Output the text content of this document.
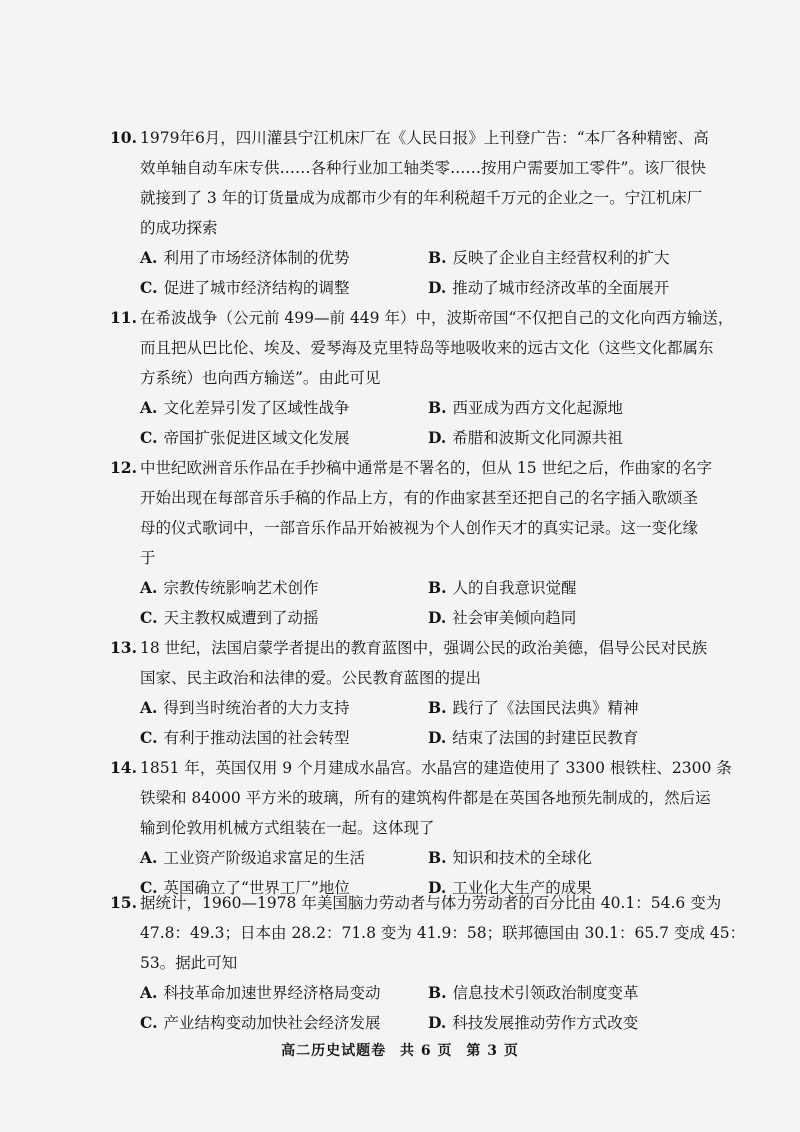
10. 1979年6月，四川灌县宁江机床厂在《人民日报》上刊登广告：“本厂各种精密、高
效单轴自动车床专供……各种行业加工轴类零……按用户需要加工零件”。该厂很快
就接到了 3 年的订货量成为成都市少有的年利税超千万元的企业之一。宁江机床厂
的成功探索
A. 利用了市场经济体制的优势	B. 反映了企业自主经营权利的扩大
C. 促进了城市经济结构的调整	D. 推动了城市经济改革的全面展开
11. 在希波战争（公元前 499—前 449 年）中，波斯帝国“不仅把自己的文化向西方输送，
而且把从巴比伦、埃及、爱琴海及克里特岛等地吸收来的远古文化（这些文化都属东
方系统）也向西方输送”。由此可见
A. 文化差异引发了区域性战争	B. 西亚成为西方文化起源地
C. 帝国扩张促进区域文化发展	D. 希腊和波斯文化同源共祖
12. 中世纪欧洲音乐作品在手抄稿中通常是不署名的，但从 15 世纪之后，作曲家的名字
开始出现在每部音乐手稿的作品上方，有的作曲家甚至还把自己的名字插入歌颂圣
母的仪式歌词中，一部音乐作品开始被视为个人创作天才的真实记录。这一变化缘
于
A. 宗教传统影响艺术创作	B. 人的自我意识觉醒
C. 天主教权威遭到了动摇	D. 社会审美倾向趋同
13. 18 世纪，法国启蒙学者提出的教育蓝图中，强调公民的政治美德，倡导公民对民族
国家、民主政治和法律的爱。公民教育蓝图的提出
A. 得到当时统治者的大力支持	B. 践行了《法国民法典》精神
C. 有利于推动法国的社会转型	D. 结束了法国的封建臣民教育
14. 1851 年，英国仅用 9 个月建成水晶宫。水晶宫的建造使用了 3300 根铁柱、2300 条
铁梁和 84000 平方米的玻璃，所有的建筑构件都是在英国各地预先制成的，然后运
输到伦敦用机械方式组装在一起。这体现了
A. 工业资产阶级追求富足的生活	B. 知识和技术的全球化
C. 英国确立了“世界工厂”地位	D. 工业化大生产的成果
15. 据统计，1960—1978 年美国脑力劳动者与体力劳动者的百分比由 40.1：54.6 变为
47.8：49.3；日本由 28.2：71.8 变为 41.9：58；联邦德国由 30.1：65.7 变成 45：
53。据此可知
A. 科技革命加速世界经济格局变动	B. 信息技术引领政治制度变革
C. 产业结构变动加快社会经济发展	D. 科技发展推动劳作方式改变
高二历史试题卷 共 6 页 第 3 页
